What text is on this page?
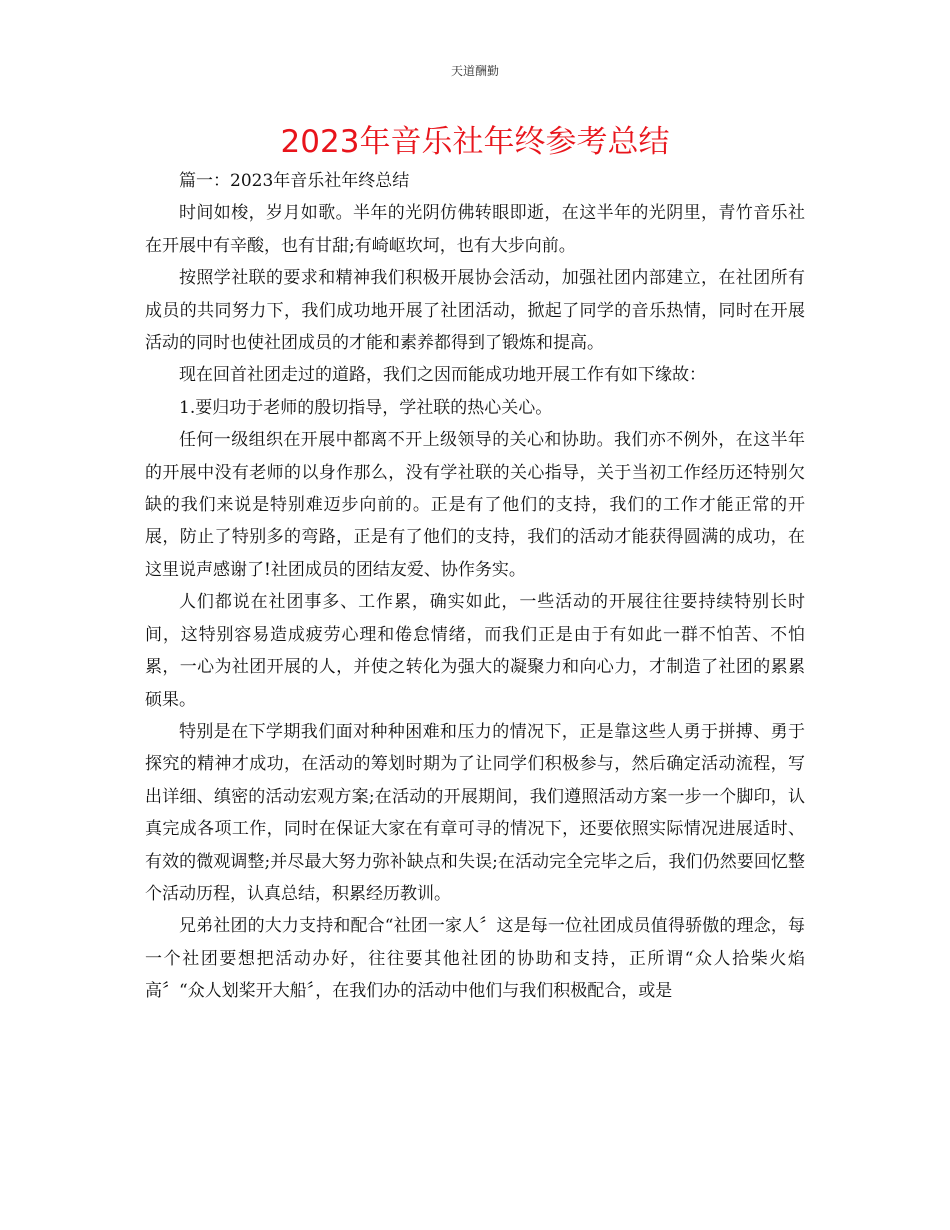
天道酬勤
2023年音乐社年终参考总结

篇一：2023年音乐社年终总结

时间如梭，岁月如歌。半年的光阴仿佛转眼即逝，在这半年的光阴里，青竹音乐社在开展中有辛酸，也有甘甜;有崎岖坎坷，也有大步向前。

按照学社联的要求和精神我们积极开展协会活动，加强社团内部建立，在社团所有成员的共同努力下，我们成功地开展了社团活动，掀起了同学的音乐热情，同时在开展活动的同时也使社团成员的才能和素养都得到了锻炼和提高。

现在回首社团走过的道路，我们之因而能成功地开展工作有如下缘故：

1.要归功于老师的殷切指导，学社联的热心关心。

任何一级组织在开展中都离不开上级领导的关心和协助。我们亦不例外，在这半年的开展中没有老师的以身作那么，没有学社联的关心指导，关于当初工作经历还特别欠缺的我们来说是特别难迈步向前的。正是有了他们的支持，我们的工作才能正常的开展，防止了特别多的弯路，正是有了他们的支持，我们的活动才能获得圆满的成功，在这里说声感谢了!社团成员的团结友爱、协作务实。

人们都说在社团事多、工作累，确实如此，一些活动的开展往往要持续特别长时间，这特别容易造成疲劳心理和倦怠情绪，而我们正是由于有如此一群不怕苦、不怕累，一心为社团开展的人，并使之转化为强大的凝聚力和向心力，才制造了社团的累累硕果。

特别是在下学期我们面对种种困难和压力的情况下，正是靠这些人勇于拼搏、勇于探究的精神才成功，在活动的筹划时期为了让同学们积极参与，然后确定活动流程，写出详细、缜密的活动宏观方案;在活动的开展期间，我们遵照活动方案一步一个脚印，认真完成各项工作，同时在保证大家在有章可寻的情况下，还要依照实际情况进展适时、有效的微观调整;并尽最大努力弥补缺点和失误;在活动完全完毕之后，我们仍然要回忆整个活动历程，认真总结，积累经历教训。

兄弟社团的大力支持和配合“社团一家人〞这是每一位社团成员值得骄傲的理念，每一个社团要想把活动办好，往往要其他社团的协助和支持，正所谓“众人拾柴火焰高〞“众人划桨开大船〞，在我们办的活动中他们与我们积极配合，或是
